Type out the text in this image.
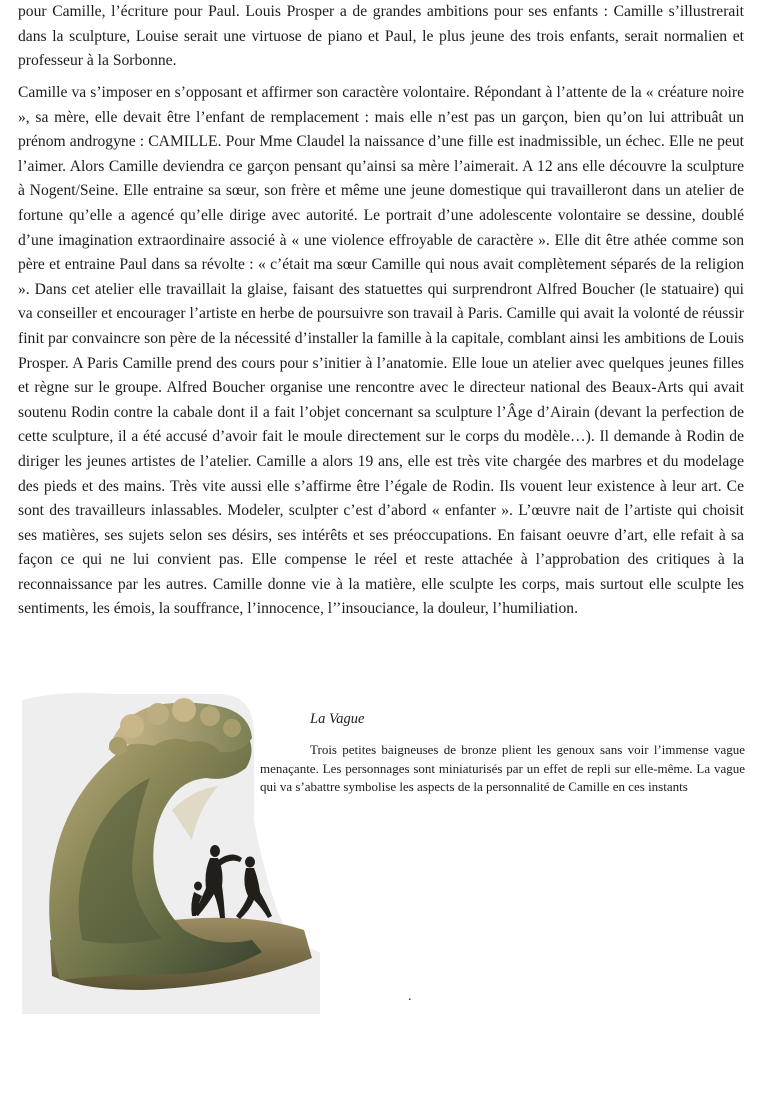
pour Camille, l’écriture pour Paul. Louis Prosper a de grandes ambitions pour ses enfants : Camille s’illustrerait dans la sculpture, Louise serait une virtuose de piano et Paul, le plus jeune des trois enfants, serait normalien et professeur à la Sorbonne.

Camille va s’imposer en s’opposant et affirmer son caractère volontaire. Répondant à l’attente de la « créature noire », sa mère, elle devait être l’enfant de remplacement : mais elle n’est pas un garçon, bien qu’on lui attribuât un prénom androgyne : CAMILLE. Pour Mme Claudel la naissance d’une fille est inadmissible, un échec. Elle ne peut l’aimer. Alors Camille deviendra ce garçon pensant qu’ainsi sa mère l’aimerait. A 12 ans elle découvre la sculpture à Nogent/Seine. Elle entraine sa sœur, son frère et même une jeune domestique qui travailleront dans un atelier de fortune qu’elle a agencé qu’elle dirige avec autorité. Le portrait d’une adolescente volontaire se dessine, doublé d’une imagination extraordinaire associé à « une violence effroyable de caractère ». Elle dit être athée comme son père et entraine Paul dans sa révolte : « c’était ma sœur Camille qui nous avait complètement séparés de la religion ». Dans cet atelier elle travaillait la glaise, faisant des statuettes qui surprendront Alfred Boucher (le statuaire) qui va conseiller et encourager l’artiste en herbe de poursuivre son travail à Paris. Camille qui avait la volonté de réussir finit par convaincre son père de la nécessité d’installer la famille à la capitale, comblant ainsi les ambitions de Louis Prosper. A Paris Camille prend des cours pour s’initier à l’anatomie. Elle loue un atelier avec quelques jeunes filles et règne sur le groupe. Alfred Boucher organise une rencontre avec le directeur national des Beaux-Arts qui avait soutenu Rodin contre la cabale dont il a fait l’objet concernant sa sculpture l’Âge d’Airain (devant la perfection de cette sculpture, il a été accusé d’avoir fait le moule directement sur le corps du modèle…). Il demande à Rodin de diriger les jeunes artistes de l’atelier. Camille a alors 19 ans, elle est très vite chargée des marbres et du modelage des pieds et des mains. Très vite aussi elle s’affirme être l’égale de Rodin. Ils vouent leur existence à leur art. Ce sont des travailleurs inlassables. Modeler, sculpter c’est d’abord « enfanter ». L’œuvre nait de l’artiste qui choisit ses matières, ses sujets selon ses désirs, ses intérêts et ses préoccupations. En faisant oeuvre d’art, elle refait à sa façon ce qui ne lui convient pas. Elle compense le réel et reste attachée à l’approbation des critiques à la reconnaissance par les autres. Camille donne vie à la matière, elle sculpte les corps, mais surtout elle sculpte les sentiments, les émois, la souffrance, l’innocence, l’’insouciance, la douleur, l’humiliation.

La Vague

Trois petites baigneuses de bronze plient les genoux sans voir l’immense vague menaçante. Les personnages sont miniaturisés par un effet de repli sur elle-même. La vague qui va s’abattre symbolise les aspects de la personnalité de Camille en ces instants

.
